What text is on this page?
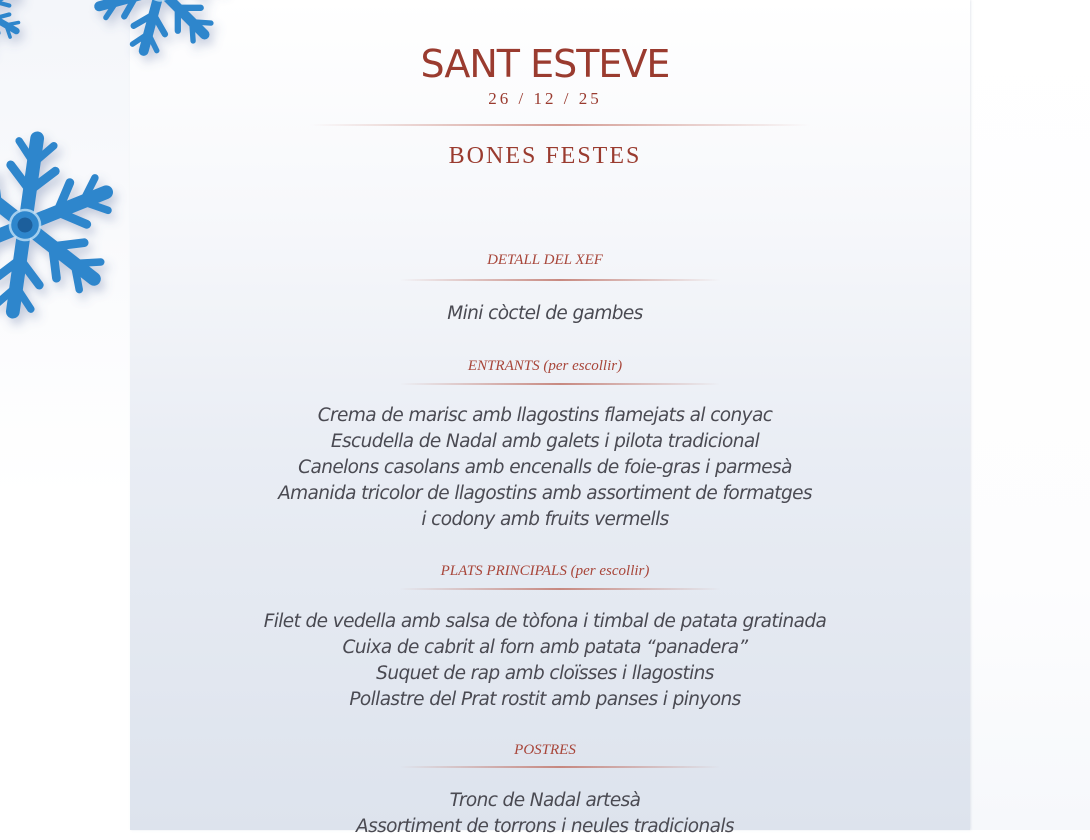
SANT ESTEVE
26 / 12 / 25
BONES FESTES
DETALL DEL XEF
Mini còctel de gambes
ENTRANTS (per escollir)
Crema de marisc amb llagostins flamejats al conyac
Escudella de Nadal amb galets i pilota tradicional
Canelons casolans amb encenalls de foie-gras i parmesà
Amanida tricolor de llagostins amb assortiment de formatges
i codony amb fruits vermells
PLATS PRINCIPALS (per escollir)
Filet de vedella amb salsa de tòfona i timbal de patata gratinada
Cuixa de cabrit al forn amb patata “panadera”
Suquet de rap amb cloïsses i llagostins
Pollastre del Prat rostit amb panses i pinyons
POSTRES
Tronc de Nadal artesà
Assortiment de torrons i neules tradicionals
